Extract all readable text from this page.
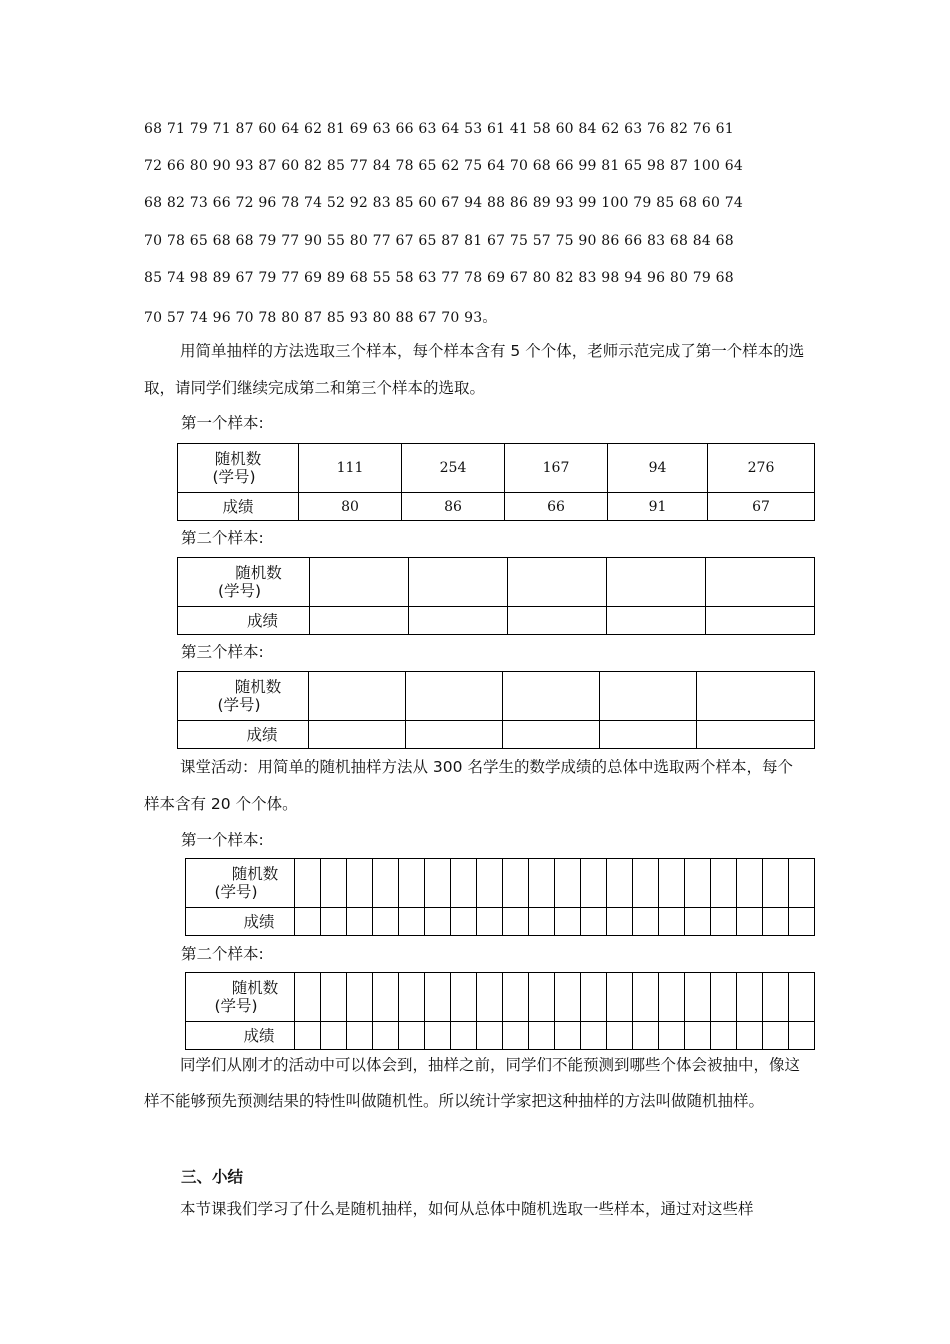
68 71 79 71 87 60 64 62 81 69 63 66 63 64 53 61 41 58 60 84 62 63 76 82 76 61
72 66 80 90 93 87 60 82 85 77 84 78 65 62 75 64 70 68 66 99 81 65 98 87 100 64
68 82 73 66 72 96 78 74 52 92 83 85 60 67 94 88 86 89 93 99 100 79 85 68 60 74
70 78 65 68 68 79 77 90 55 80 77 67 65 87 81 67 75 57 75 90 86 66 83 68 84 68
85 74 98 89 67 79 77 69 89 68 55 58 63 77 78 69 67 80 82 83 98 94 96 80 79 68
70 57 74 96 70 78 80 87 85 93 80 88 67 70 93。
用简单抽样的方法选取三个样本，每个样本含有 5 个个体，老师示范完成了第一个样本的选取，请同学们继续完成第二和第三个样本的选取。
第一个样本:
随机数
(学号)	111	254	167	94	276
成绩	80	86	66	91	67
第二个样本:
随机数
(学号)					

成绩					
第三个样本:
随机数
(学号)					

成绩					
课堂活动：用简单的随机抽样方法从 300 名学生的数学成绩的总体中选取两个样本，每个样本含有 20 个个体。
第一个样本:
随机数
(学号)																				

成绩																				
第二个样本:
随机数
(学号)																				

成绩																				
同学们从刚才的活动中可以体会到，抽样之前，同学们不能预测到哪些个体会被抽中，像这样不能够预先预测结果的特性叫做随机性。所以统计学家把这种抽样的方法叫做随机抽样。
三、小结
本节课我们学习了什么是随机抽样，如何从总体中随机选取一些样本，通过对这些样
